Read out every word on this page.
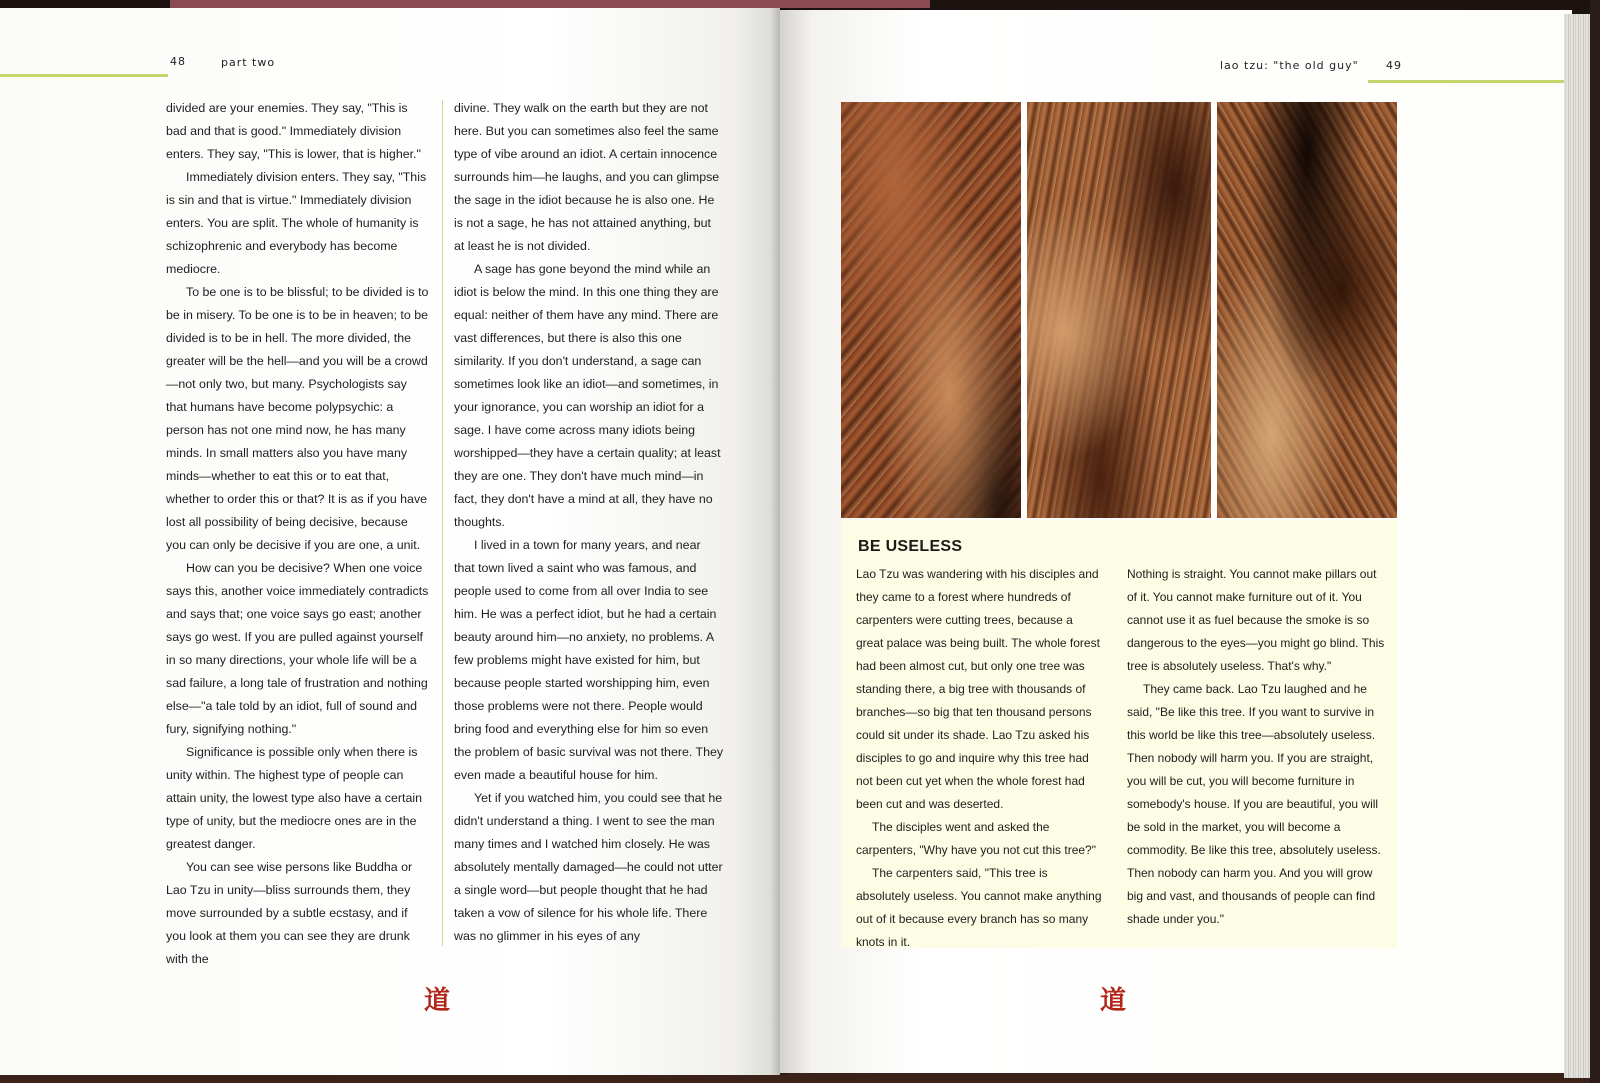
48	part two

divided are your enemies. They say, "This is bad and that is good." Immediately division enters. They say, "This is lower, that is higher."

Immediately division enters. They say, "This is sin and that is virtue." Immediately division enters. You are split. The whole of humanity is schizophrenic and everybody has become mediocre.

To be one is to be blissful; to be divided is to be in misery. To be one is to be in heaven; to be divided is to be in hell. The more divided, the greater will be the hell—and you will be a crowd—not only two, but many. Psychologists say that humans have become polypsychic: a person has not one mind now, he has many minds. In small matters also you have many minds—whether to eat this or to eat that, whether to order this or that? It is as if you have lost all possibility of being decisive, because you can only be decisive if you are one, a unit.

How can you be decisive? When one voice says this, another voice immediately contradicts and says that; one voice says go east; another says go west. If you are pulled against yourself in so many directions, your whole life will be a sad failure, a long tale of frustration and nothing else—"a tale told by an idiot, full of sound and fury, signifying nothing."

Significance is possible only when there is unity within. The highest type of people can attain unity, the lowest type also have a certain type of unity, but the mediocre ones are in the greatest danger.

You can see wise persons like Buddha or Lao Tzu in unity—bliss surrounds them, they move surrounded by a subtle ecstasy, and if you look at them you can see they are drunk with the

divine. They walk on the earth but they are not here. But you can sometimes also feel the same type of vibe around an idiot. A certain innocence surrounds him—he laughs, and you can glimpse the sage in the idiot because he is also one. He is not a sage, he has not attained anything, but at least he is not divided.

A sage has gone beyond the mind while an idiot is below the mind. In this one thing they are equal: neither of them have any mind. There are vast differences, but there is also this one similarity. If you don't understand, a sage can sometimes look like an idiot—and sometimes, in your ignorance, you can worship an idiot for a sage. I have come across many idiots being worshipped—they have a certain quality; at least they are one. They don't have much mind—in fact, they don't have a mind at all, they have no thoughts.

I lived in a town for many years, and near that town lived a saint who was famous, and people used to come from all over India to see him. He was a perfect idiot, but he had a certain beauty around him—no anxiety, no problems. A few problems might have existed for him, but because people started worshipping him, even those problems were not there. People would bring food and everything else for him so even the problem of basic survival was not there. They even made a beautiful house for him.

Yet if you watched him, you could see that he didn't understand a thing. I went to see the man many times and I watched him closely. He was absolutely mentally damaged—he could not utter a single word—but people thought that he had taken a vow of silence for his whole life. There was no glimmer in his eyes of any

道
lao tzu: "the old guy" 49
BE USELESS

Lao Tzu was wandering with his disciples and they came to a forest where hundreds of carpenters were cutting trees, because a great palace was being built. The whole forest had been almost cut, but only one tree was standing there, a big tree with thousands of branches—so big that ten thousand persons could sit under its shade. Lao Tzu asked his disciples to go and inquire why this tree had not been cut yet when the whole forest had been cut and was deserted.

The disciples went and asked the carpenters, "Why have you not cut this tree?"

The carpenters said, "This tree is absolutely useless. You cannot make anything out of it because every branch has so many knots in it.

Nothing is straight. You cannot make pillars out of it. You cannot make furniture out of it. You cannot use it as fuel because the smoke is so dangerous to the eyes—you might go blind. This tree is absolutely useless. That's why."

They came back. Lao Tzu laughed and he said, "Be like this tree. If you want to survive in this world be like this tree—absolutely useless. Then nobody will harm you. If you are straight, you will be cut, you will become furniture in somebody's house. If you are beautiful, you will be sold in the market, you will become a commodity. Be like this tree, absolutely useless. Then nobody can harm you. And you will grow big and vast, and thousands of people can find shade under you."

道
